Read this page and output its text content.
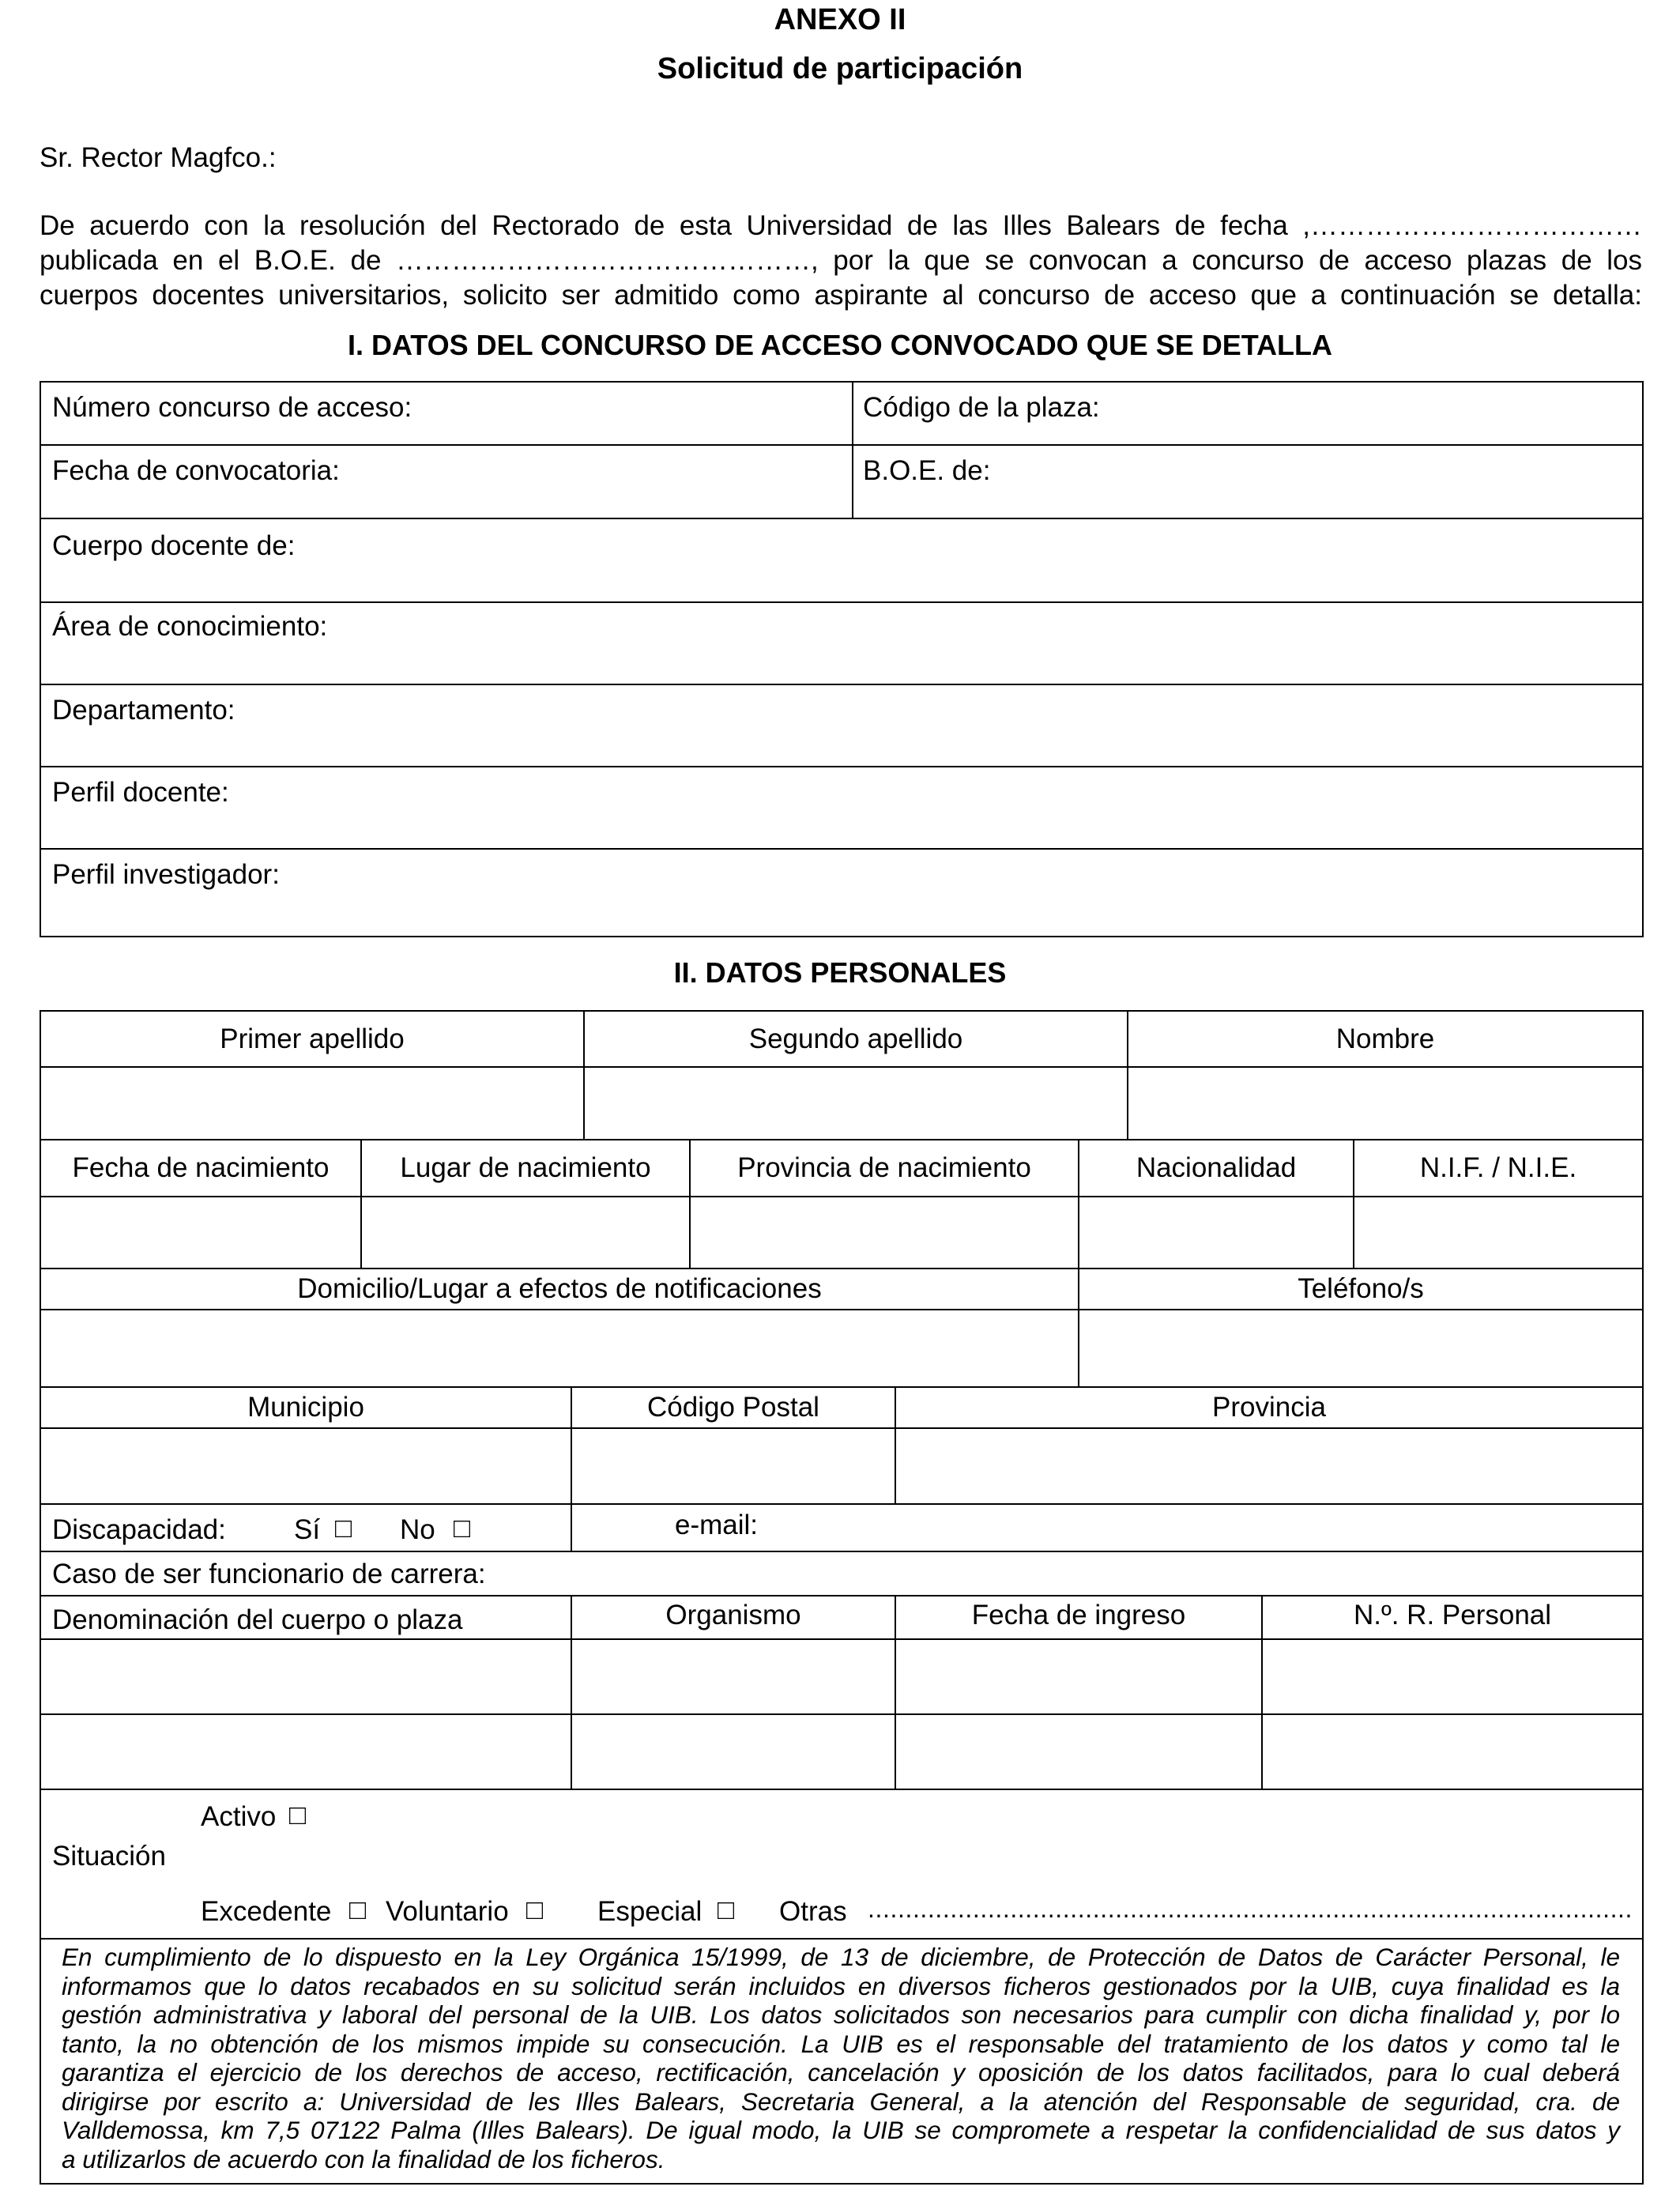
ANEXO II
Solicitud de participación
Sr. Rector Magfco.:
De acuerdo con la resolución del Rectorado de esta Universidad de las Illes Balears de fecha ,………………………………
publicada en el B.O.E. de ………………………………………, por la que se convocan a concurso de acceso plazas de los
cuerpos docentes universitarios, solicito ser admitido como aspirante al concurso de acceso que a continuación se detalla:
I. DATOS DEL CONCURSO DE ACCESO CONVOCADO QUE SE DETALLA
Número concurso de acceso:	Código de la plaza:
Fecha de convocatoria:	B.O.E. de:
Cuerpo docente de:
Área de conocimiento:
Departamento:
Perfil docente:
Perfil investigador:
II. DATOS PERSONALES
Primer apellido	Segundo apellido	Nombre
Fecha de nacimiento	Lugar de nacimiento	Provincia de nacimiento	Nacionalidad	N.I.F. / N.I.E.
Domicilio/Lugar a efectos de notificaciones	Teléfono/s
Municipio	Código Postal	Provincia
Discapacidad: Sí □ No □	e-mail:
Caso de ser funcionario de carrera:
Denominación del cuerpo o plaza	Organismo	Fecha de ingreso	N.º. R. Personal
Situación
Activo □
Excedente □ Voluntario □ Especial □ Otras ......................................................................................................
En cumplimiento de lo dispuesto en la Ley Orgánica 15/1999, de 13 de diciembre, de Protección de Datos de Carácter Personal, le
informamos que lo datos recabados en su solicitud serán incluidos en diversos ficheros gestionados por la UIB, cuya finalidad es la
gestión administrativa y laboral del personal de la UIB. Los datos solicitados son necesarios para cumplir con dicha finalidad y, por lo
tanto, la no obtención de los mismos impide su consecución. La UIB es el responsable del tratamiento de los datos y como tal le
garantiza el ejercicio de los derechos de acceso, rectificación, cancelación y oposición de los datos facilitados, para lo cual deberá
dirigirse por escrito a: Universidad de les Illes Balears, Secretaria General, a la atención del Responsable de seguridad, cra. de
Valldemossa, km 7,5 07122 Palma (Illes Balears). De igual modo, la UIB se compromete a respetar la confidencialidad de sus datos y
a utilizarlos de acuerdo con la finalidad de los ficheros.
